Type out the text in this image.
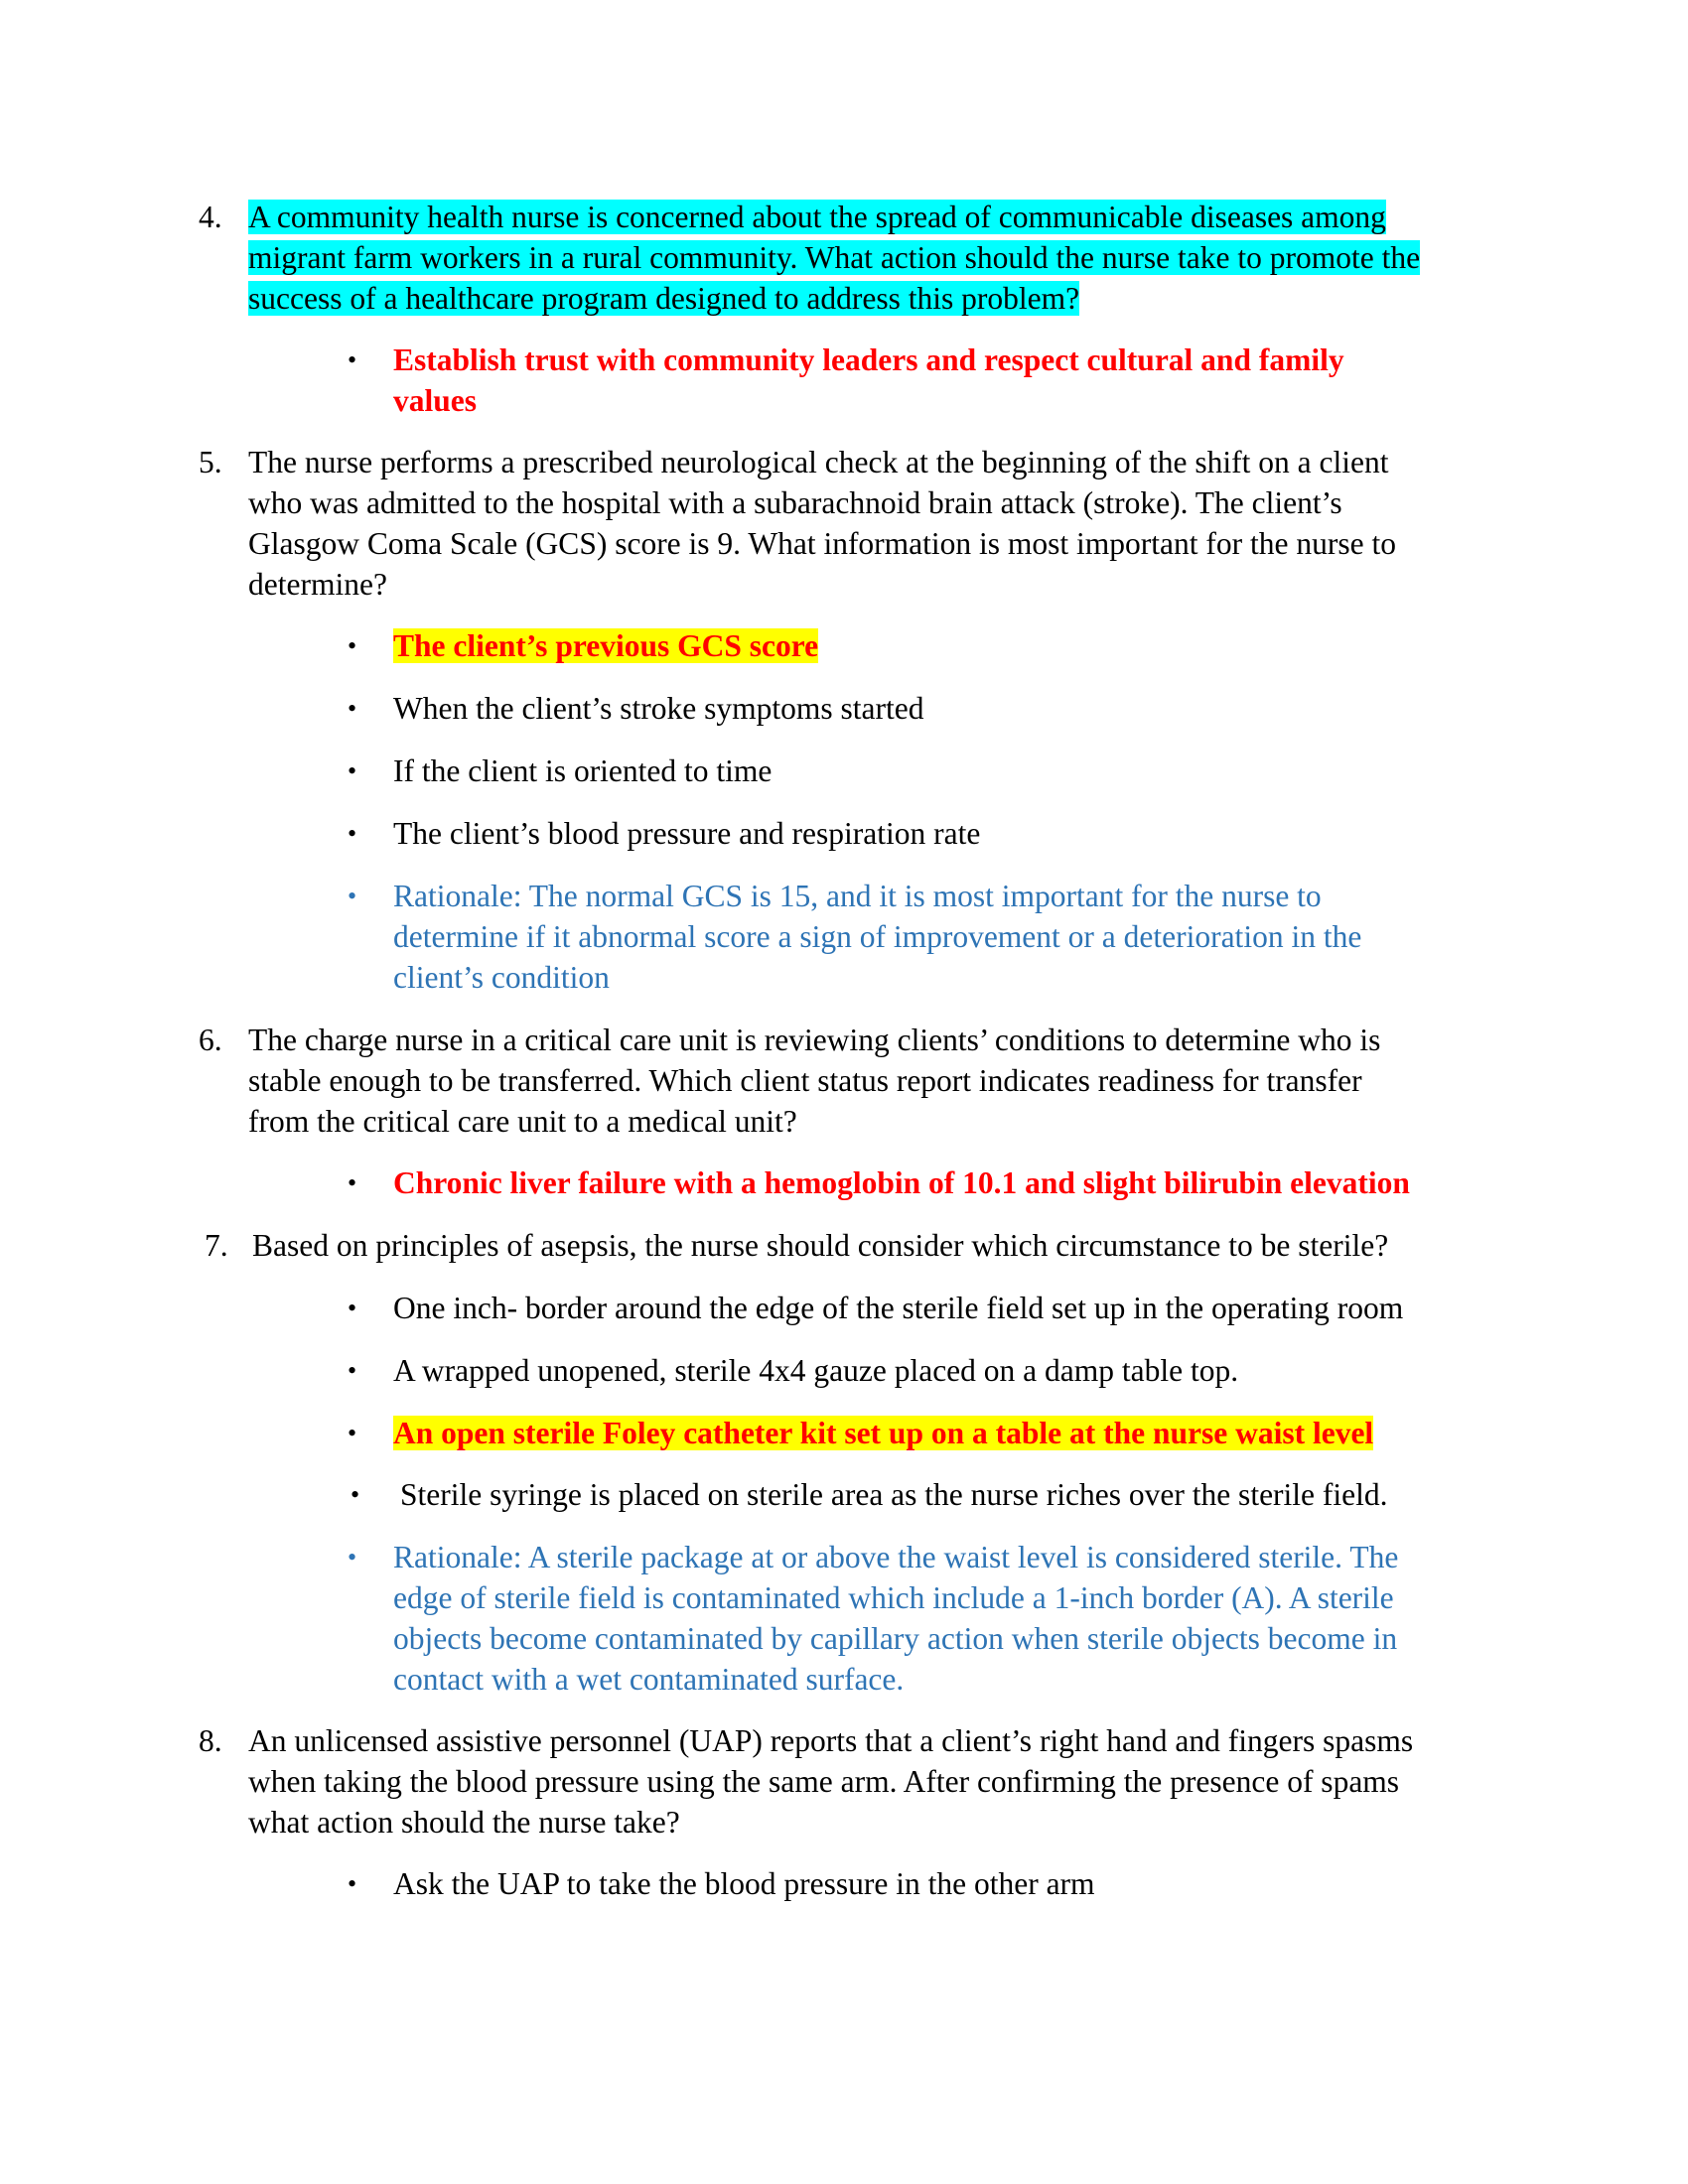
4. A community health nurse is concerned about the spread of communicable diseases among
migrant farm workers in a rural community. What action should the nurse take to promote the
success of a healthcare program designed to address this problem?
• Establish trust with community leaders and respect cultural and family
values
5. The nurse performs a prescribed neurological check at the beginning of the shift on a client
who was admitted to the hospital with a subarachnoid brain attack (stroke). The client’s
Glasgow Coma Scale (GCS) score is 9. What information is most important for the nurse to
determine?
• The client’s previous GCS score
• When the client’s stroke symptoms started
• If the client is oriented to time
• The client’s blood pressure and respiration rate
• Rationale: The normal GCS is 15, and it is most important for the nurse to
determine if it abnormal score a sign of improvement or a deterioration in the
client’s condition
6. The charge nurse in a critical care unit is reviewing clients’ conditions to determine who is
stable enough to be transferred. Which client status report indicates readiness for transfer
from the critical care unit to a medical unit?
• Chronic liver failure with a hemoglobin of 10.1 and slight bilirubin elevation
7. Based on principles of asepsis, the nurse should consider which circumstance to be sterile?
• One inch- border around the edge of the sterile field set up in the operating room
• A wrapped unopened, sterile 4x4 gauze placed on a damp table top.
• An open sterile Foley catheter kit set up on a table at the nurse waist level
• Sterile syringe is placed on sterile area as the nurse riches over the sterile field.
• Rationale: A sterile package at or above the waist level is considered sterile. The
edge of sterile field is contaminated which include a 1-inch border (A). A sterile
objects become contaminated by capillary action when sterile objects become in
contact with a wet contaminated surface.
8. An unlicensed assistive personnel (UAP) reports that a client’s right hand and fingers spasms
when taking the blood pressure using the same arm. After confirming the presence of spams
what action should the nurse take?
• Ask the UAP to take the blood pressure in the other arm
